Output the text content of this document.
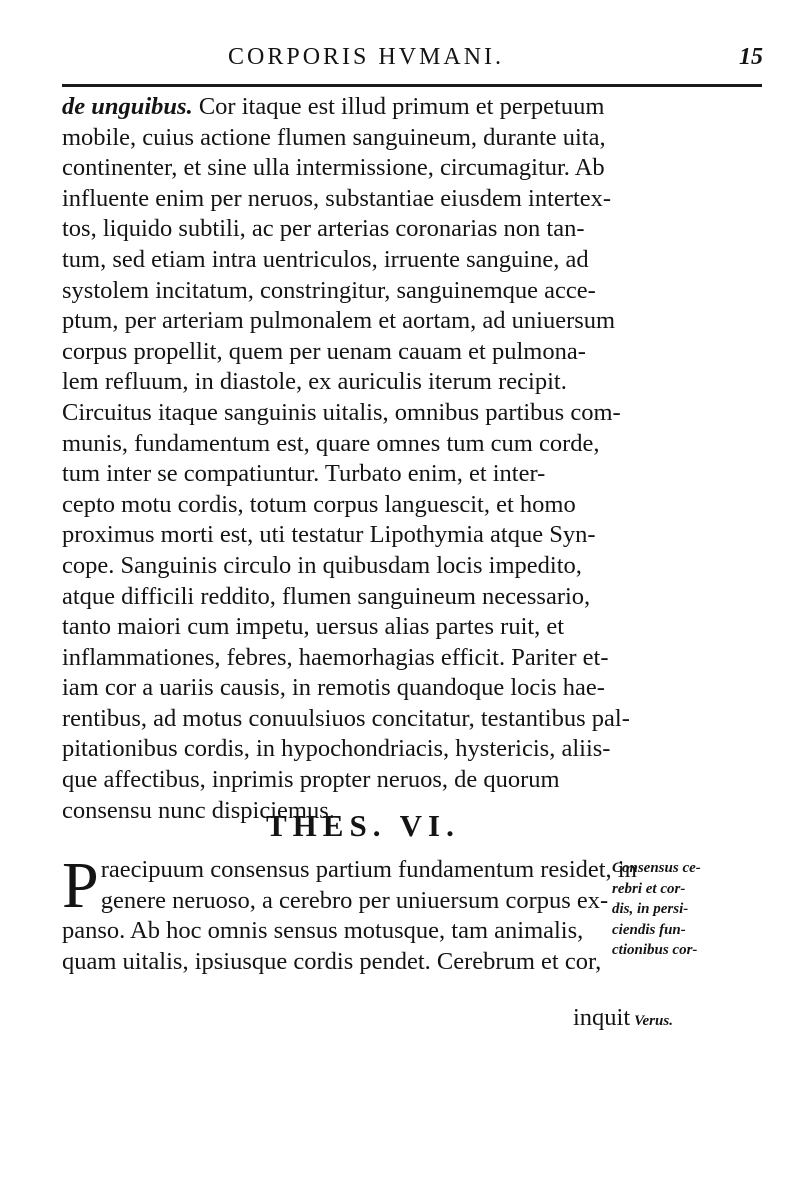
CORPORIS HVMANI.	15
de unguibus. Cor itaque est illud primum et perpetuum
mobile, cuius actione flumen sanguineum, durante uita,
continenter, et sine ulla intermissione, circumagitur. Ab
influente enim per neruos, substantiae eiusdem intertex-
tos, liquido subtili, ac per arterias coronarias non tan-
tum, sed etiam intra uentriculos, irruente sanguine, ad
systolem incitatum, constringitur, sanguinemque acce-
ptum, per arteriam pulmonalem et aortam, ad uniuersum
corpus propellit, quem per uenam cauam et pulmona-
lem refluum, in diastole, ex auriculis iterum recipit.
Circuitus itaque sanguinis uitalis, omnibus partibus com-
munis, fundamentum est, quare omnes tum cum corde,
tum inter se compatiuntur. Turbato enim, et inter-
cepto motu cordis, totum corpus languescit, et homo
proximus morti est, uti testatur Lipothymia atque Syn-
cope. Sanguinis circulo in quibusdam locis impedito,
atque difficili reddito, flumen sanguineum necessario,
tanto maiori cum impetu, uersus alias partes ruit, et
inflammationes, febres, haemorhagias efficit. Pariter et-
iam cor a uariis causis, in remotis quandoque locis hae-
rentibus, ad motus conuulsiuos concitatur, testantibus pal-
pitationibus cordis, in hypochondriacis, hystericis, aliis-
que affectibus, inprimis propter neruos, de quorum
consensu nunc dispiciemus.
THES. VI.
P raecipuum consensus partium fundamentum residet, in
genere neruoso, a cerebro per uniuersum corpus ex-
panso. Ab hoc omnis sensus motusque, tam animalis,
quam uitalis, ipsiusque cordis pendet. Cerebrum et cor,
inquit Verus.
Consensus ce-
rebri et cor-
dis, in persi-
ciendis fun-
ctionibus cor-
